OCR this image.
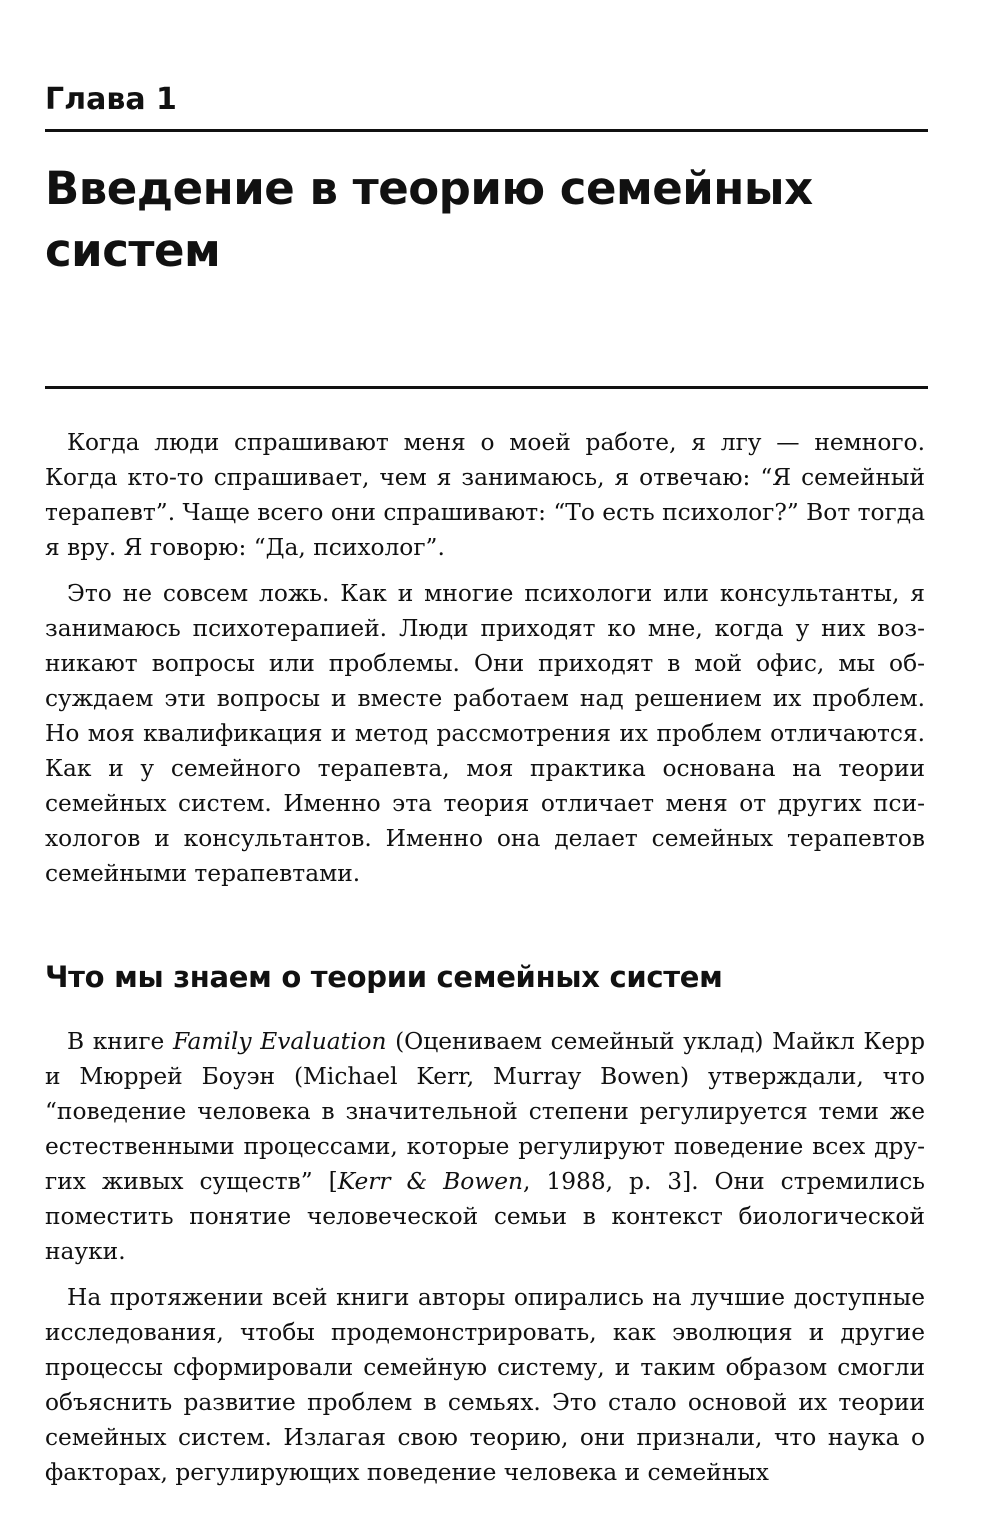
Глава 1
Введение в теорию семейных систем

Когда люди спрашивают меня о моей работе, я лгу — немного. Когда кто-то спрашивает, чем я занимаюсь, я отвечаю: “Я семейный терапевт”. Чаще всего они спрашивают: “То есть психолог?” Вот тогда я вру. Я говорю: “Да, психолог”.

Это не совсем ложь. Как и многие психологи или консультанты, я занимаюсь психотерапией. Люди приходят ко мне, когда у них возникают вопросы или проблемы. Они приходят в мой офис, мы обсуждаем эти вопросы и вместе работаем над решением их проблем. Но моя квалификация и метод рассмотрения их проблем отличаются. Как и у семейного терапевта, моя практика основана на теории семейных систем. Именно эта теория отличает меня от других психологов и консультантов. Именно она делает семейных терапевтов семейными терапевтами.

Что мы знаем о теории семейных систем

В книге Family Evaluation (Оцениваем семейный уклад) Майкл Керр и Мюррей Боуэн (Michael Kerr, Murray Bowen) утверждали, что “поведение человека в значительной степени регулируется теми же естественными процессами, которые регулируют поведение всех других живых существ” [Kerr & Bowen, 1988, p. 3]. Они стремились поместить понятие человеческой семьи в контекст биологической науки.

На протяжении всей книги авторы опирались на лучшие доступные исследования, чтобы продемонстрировать, как эволюция и другие процессы сформировали семейную систему, и таким образом смогли объяснить развитие проблем в семьях. Это стало основой их теории семейных систем. Излагая свою теорию, они признали, что наука о факторах, регулирующих поведение человека и семейных
